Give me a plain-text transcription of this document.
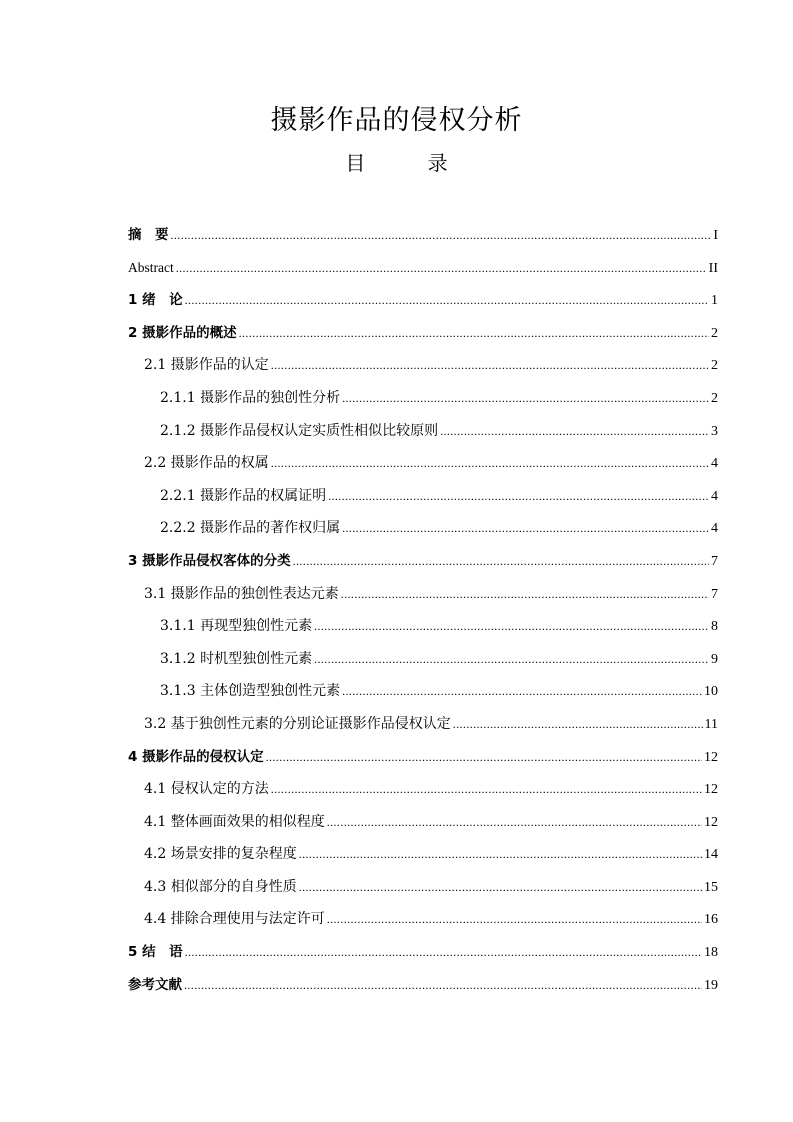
摄影作品的侵权分析
目 录
摘　要 .....	I
Abstract .....	II
1 绪　论 .....	1
2 摄影作品的概述 .....	2
2.1 摄影作品的认定 .....	2
2.1.1 摄影作品的独创性分析 .....	2
2.1.2 摄影作品侵权认定实质性相似比较原则 .....	3
2.2 摄影作品的权属 .....	4
2.2.1 摄影作品的权属证明 .....	4
2.2.2 摄影作品的著作权归属 .....	4
3 摄影作品侵权客体的分类 .....	7
3.1 摄影作品的独创性表达元素 .....	7
3.1.1 再现型独创性元素 .....	8
3.1.2 时机型独创性元素 .....	9
3.1.3 主体创造型独创性元素 .....	10
3.2 基于独创性元素的分别论证摄影作品侵权认定 .....	11
4 摄影作品的侵权认定 .....	12
4.1 侵权认定的方法 .....	12
4.1 整体画面效果的相似程度 .....	12
4.2 场景安排的复杂程度 .....	14
4.3 相似部分的自身性质 .....	15
4.4 排除合理使用与法定许可 .....	16
5 结　语 .....	18
参考文献 .....	19
